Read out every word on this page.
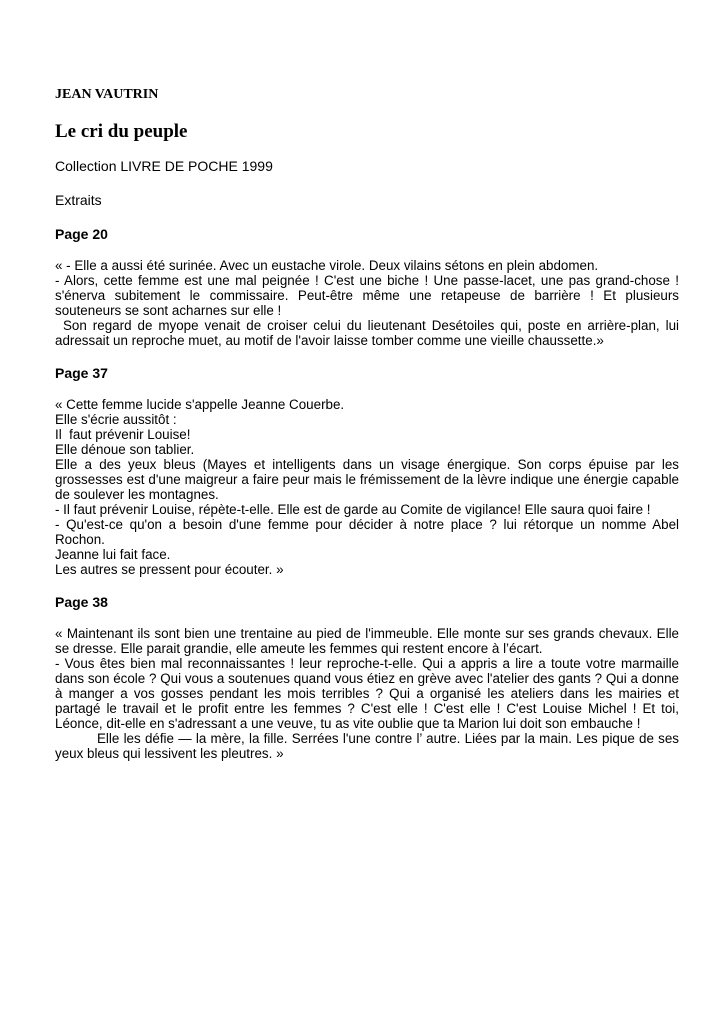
JEAN VAUTRIN
Le cri du peuple
Collection LIVRE DE POCHE 1999
Extraits
Page 20
« - Elle a aussi été surinée. Avec un eustache virole. Deux vilains sétons en plein abdomen.
- Alors, cette femme est une mal peignée ! C'est une biche ! Une passe-lacet, une pas grand-chose ! s'énerva subitement le commissaire. Peut-être même une retapeuse de barrière ! Et plusieurs souteneurs se sont acharnes sur elle !
Son regard de myope venait de croiser celui du lieutenant Desétoiles qui, poste en arrière-plan, lui adressait un reproche muet, au motif de l'avoir laisse tomber comme une vieille chaussette.»
Page 37
« Cette femme lucide s'appelle Jeanne Couerbe.
Elle s'écrie aussitôt :
Il  faut prévenir Louise!
Elle dénoue son tablier.
Elle a des yeux bleus (Mayes et intelligents dans un visage énergique. Son corps épuise par les grossesses est d'une maigreur a faire peur mais le frémissement de la lèvre indique une énergie capable de soulever les montagnes.
- Il faut prévenir Louise, répète-t-elle. Elle est de garde au Comite de vigilance! Elle saura quoi faire !
- Qu'est-ce qu'on a besoin d'une femme pour décider à notre place ? lui rétorque un nomme Abel Rochon.
Jeanne lui fait face.
Les autres se pressent pour écouter. »
Page 38
« Maintenant ils sont bien une trentaine au pied de l'immeuble. Elle monte sur ses grands chevaux. Elle se dresse. Elle parait grandie, elle ameute les femmes qui restent encore à l’écart.
- Vous êtes bien mal reconnaissantes ! leur reproche-t-elle. Qui a appris a lire a toute votre marmaille dans son école ? Qui vous a soutenues quand vous étiez en grève avec l'atelier des gants ? Qui a donne à manger a vos gosses pendant les mois terribles ? Qui a organisé les ateliers dans les mairies et partagé le travail et le profit entre les femmes ? C'est elle ! C'est elle ! C'est Louise Michel ! Et toi, Léonce, dit-elle en s'adressant a une veuve, tu as vite oublie que ta Marion lui doit son embauche !
Elle les défie — la mère, la fille. Serrées l'une contre l’ autre. Liées par la main. Les pique de ses yeux bleus qui lessivent les pleutres. »
